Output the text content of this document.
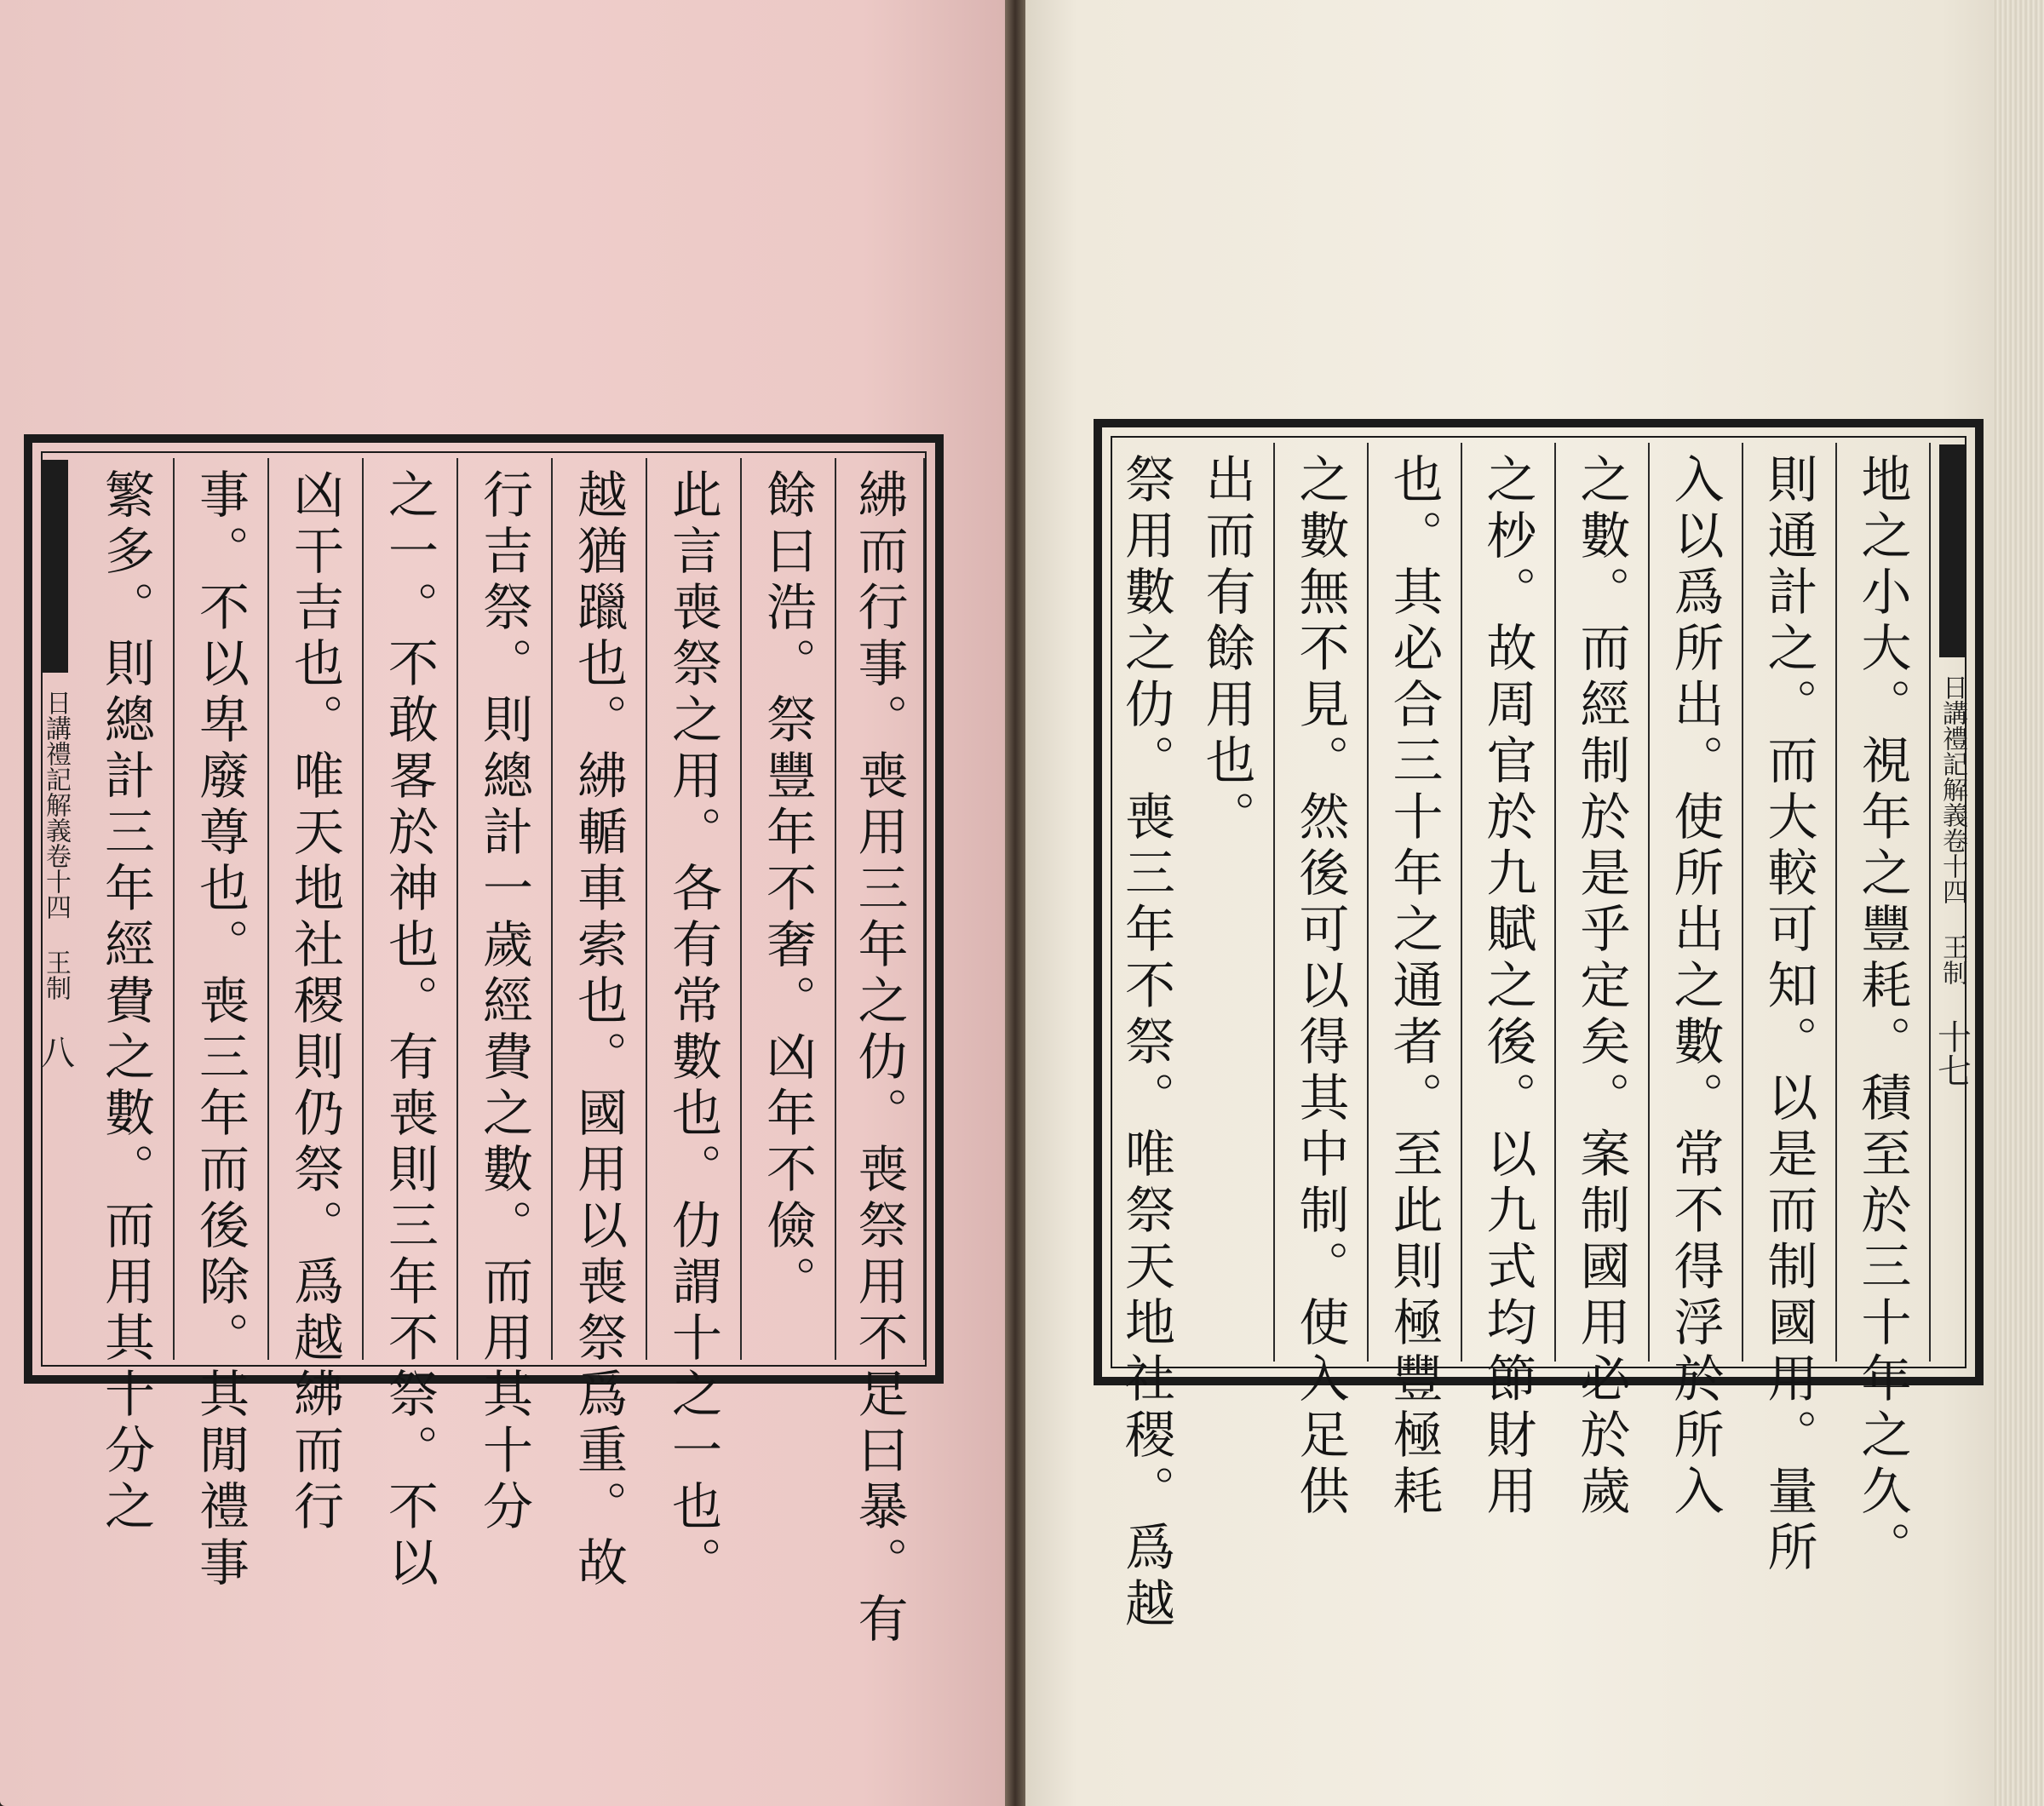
紼而行事。喪用三年之仂。喪祭用不足曰暴。有
餘曰浩。祭豐年不奢。凶年不儉。
此言喪祭之用。各有常數也。仂謂十之一也。
越猶躐也。紼輴車索也。國用以喪祭爲重。故
行吉祭。則總計一歲經費之數。而用其十分
之一。不敢畧於神也。有喪則三年不祭。不以
凶干吉也。唯天地社稷則仍祭。爲越紼而行
事。不以卑廢尊也。喪三年而後除。其閒禮事
繁多。則總計三年經費之數。而用其十分之
日講禮記解義卷十四 王制
八
日講禮記解義卷十四 王制
十七
地之小大。視年之豐耗。積至於三十年之久。
則通計之。而大較可知。以是而制國用。量所
入以爲所出。使所出之數。常不得浮於所入
之數。而經制於是乎定矣。案制國用必於歲
之杪。故周官於九賦之後。以九式均節財用
也。其必合三十年之通者。至此則極豐極耗
之數無不見。然後可以得其中制。使入足供
出而有餘用也。
祭用數之仂。喪三年不祭。唯祭天地社稷。爲越
